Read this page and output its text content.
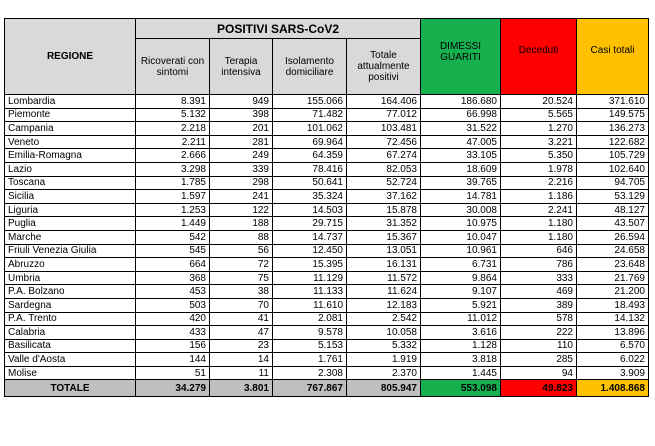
REGIONE	POSITIVI SARS-CoV2				DIMESSI GUARITI	Deceduti	Casi totali
	Ricoverati con sintomi	Terapia intensiva	Isolamento domiciliare	Totale attualmente positivi			
Lombardia	8.391	949	155.066	164.406	186.680	20.524	371.610
Piemonte	5.132	398	71.482	77.012	66.998	5.565	149.575
Campania	2.218	201	101.062	103.481	31.522	1.270	136.273
Veneto	2.211	281	69.964	72.456	47.005	3.221	122.682
Emilia-Romagna	2.666	249	64.359	67.274	33.105	5.350	105.729
Lazio	3.298	339	78.416	82.053	18.609	1.978	102.640
Toscana	1.785	298	50.641	52.724	39.765	2.216	94.705
Sicilia	1.597	241	35.324	37.162	14.781	1.186	53.129
Liguria	1.253	122	14.503	15.878	30.008	2.241	48.127
Puglia	1.449	188	29.715	31.352	10.975	1.180	43.507
Marche	542	88	14.737	15.367	10.047	1.180	26.594
Friuli Venezia Giulia	545	56	12.450	13.051	10.961	646	24.658
Abruzzo	664	72	15.395	16.131	6.731	786	23.648
Umbria	368	75	11.129	11.572	9.864	333	21.769
P.A. Bolzano	453	38	11.133	11.624	9.107	469	21.200
Sardegna	503	70	11.610	12.183	5.921	389	18.493
P.A. Trento	420	41	2.081	2.542	11.012	578	14.132
Calabria	433	47	9.578	10.058	3.616	222	13.896
Basilicata	156	23	5.153	5.332	1.128	110	6.570
Valle d'Aosta	144	14	1.761	1.919	3.818	285	6.022
Molise	51	11	2.308	2.370	1.445	94	3.909
TOTALE	34.279	3.801	767.867	805.947	553.098	49.823	1.408.868
